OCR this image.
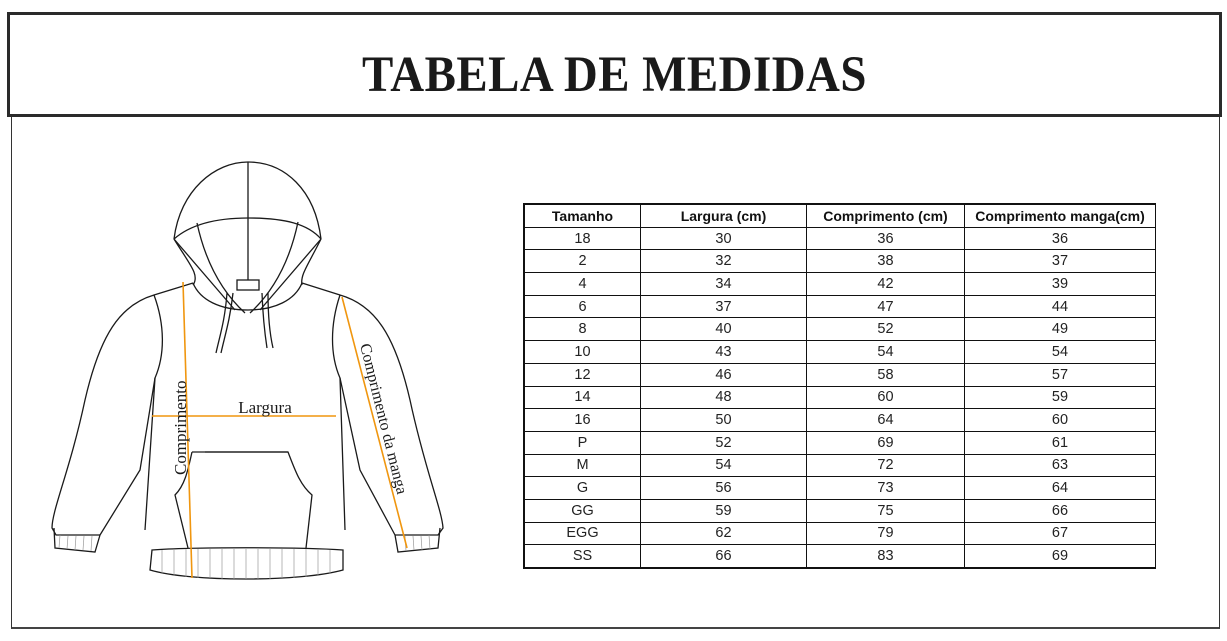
TABELA DE MEDIDAS
Largura
Comprimento	Comprimento da manga
Tamanho	Largura (cm)	Comprimento (cm)	Comprimento manga(cm)
18	30	36	36
2	32	38	37
4	34	42	39
6	37	47	44
8	40	52	49
10	43	54	54
12	46	58	57
14	48	60	59
16	50	64	60
P	52	69	61
M	54	72	63
G	56	73	64
GG	59	75	66
EGG	62	79	67
SS	66	83	69
